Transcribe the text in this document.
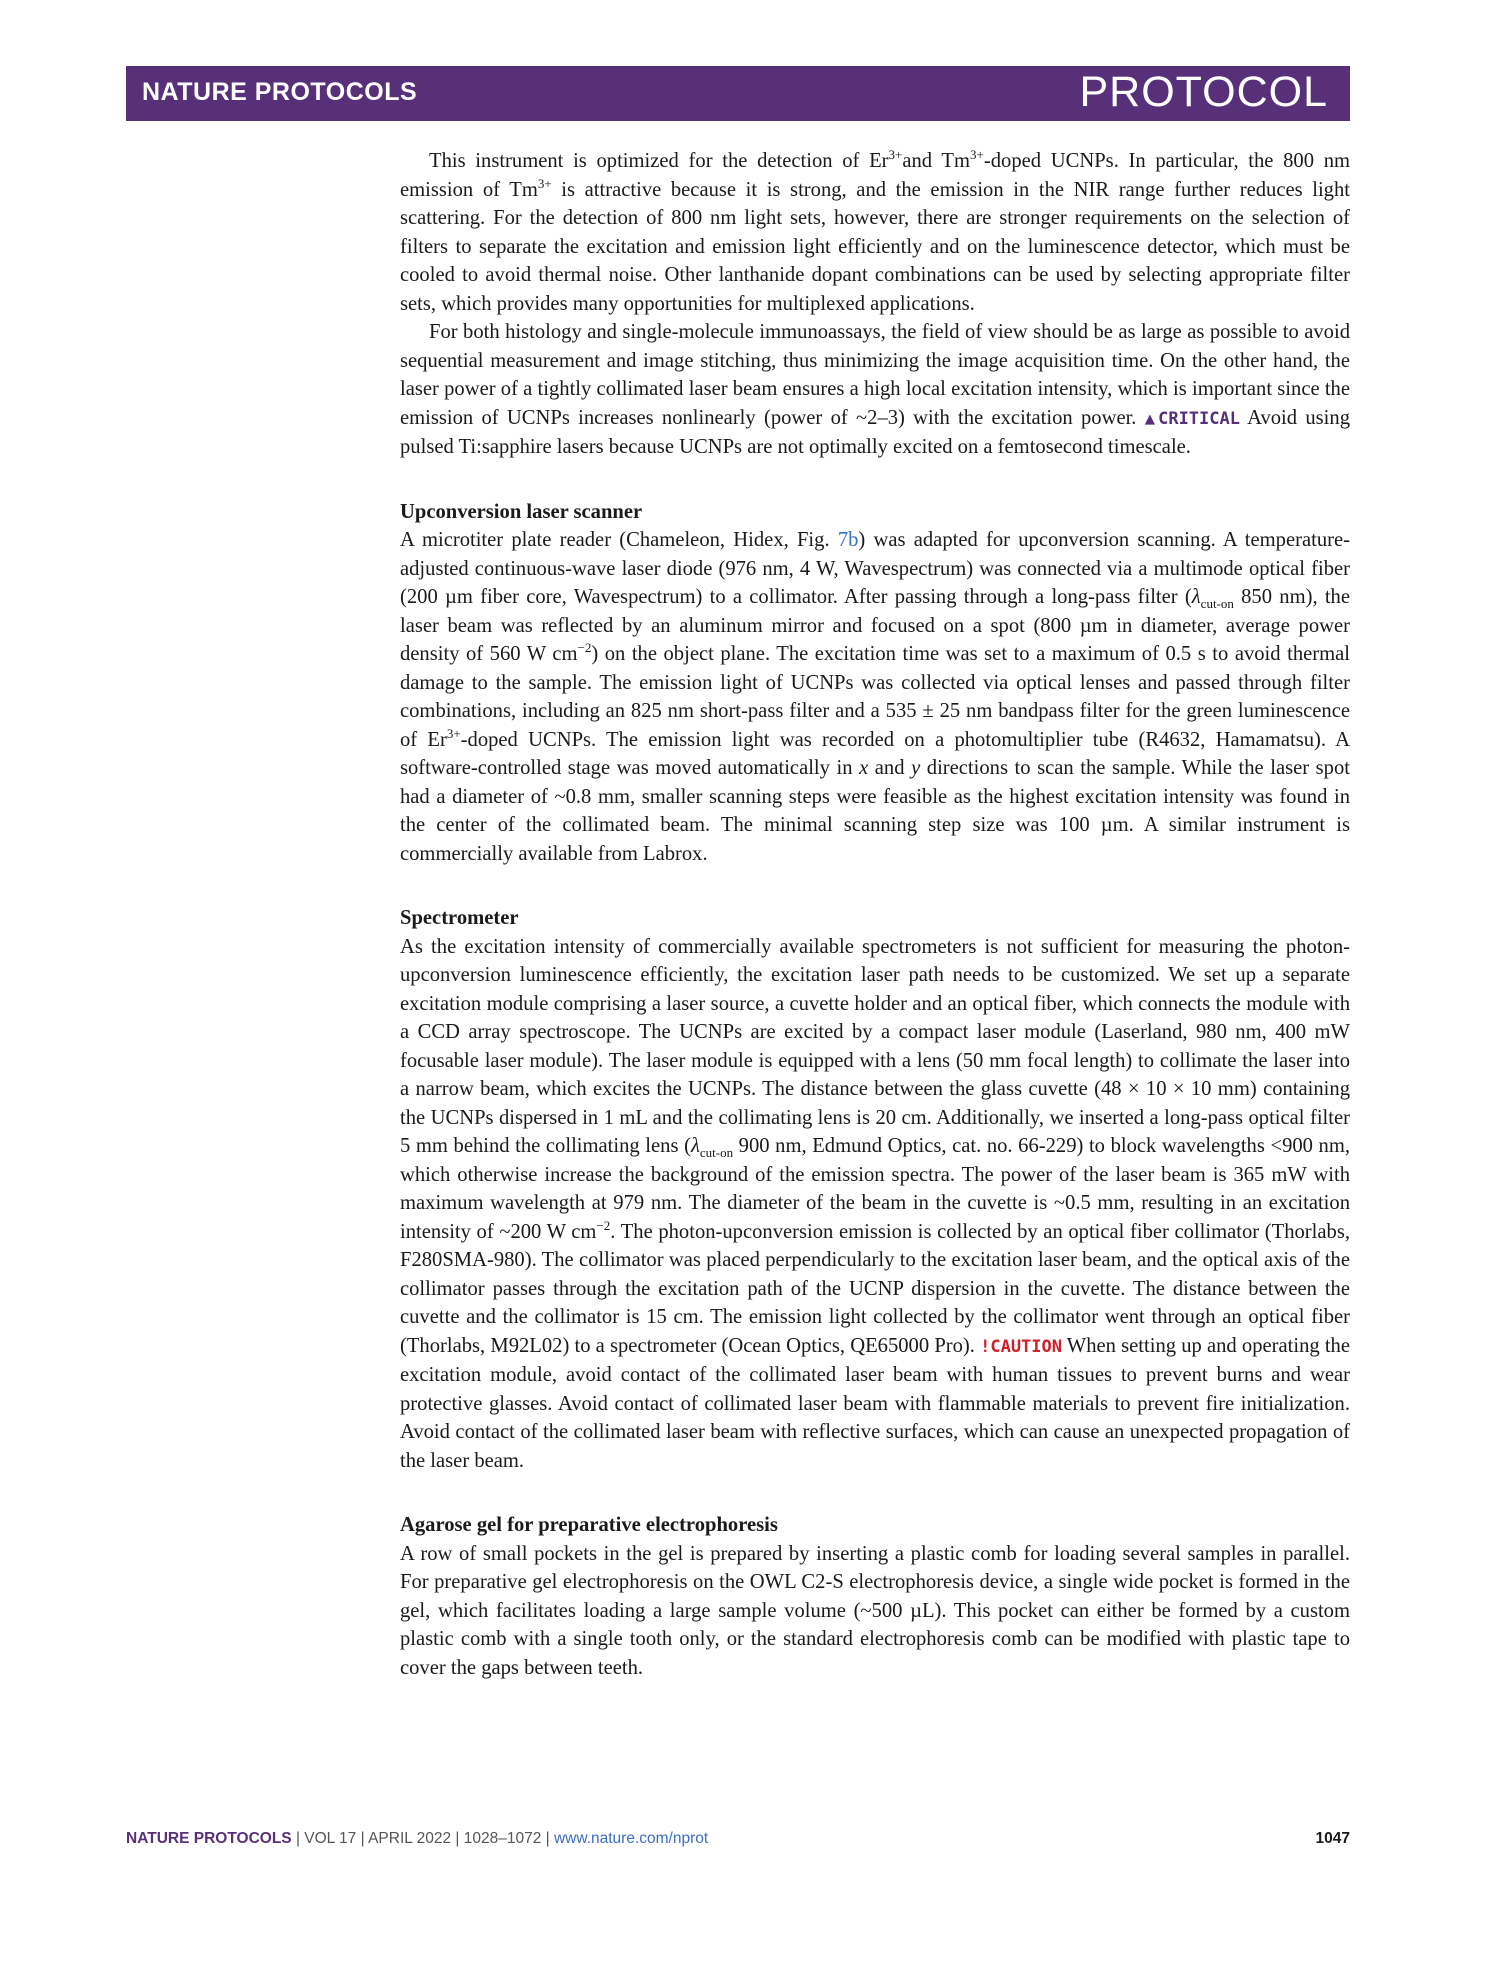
NATURE PROTOCOLS	PROTOCOL

This instrument is optimized for the detection of $Er^{3+}and$ $Tm^{3+}$-doped UCNPs. In particular, the 800 nm emission of $Tm^{3+}$ is attractive because it is strong, and the emission in the NIR range further reduces light scattering. For the detection of 800 nm light sets, however, there are stronger requirements on the selection of filters to separate the excitation and emission light efficiently and on the luminescence detector, which must be cooled to avoid thermal noise. Other lanthanide dopant combinations can be used by selecting appropriate filter sets, which provides many opportunities for multiplexed applications.

For both histology and single-molecule immunoassays, the field of view should be as large as possible to avoid sequential measurement and image stitching, thus minimizing the image acquisition time. On the other hand, the laser power of a tightly collimated laser beam ensures a high local excitation intensity, which is important since the emission of UCNPs increases nonlinearly (power of ~2–3) with the excitation power. ▲CRITICAL Avoid using pulsed Ti:sapphire lasers because UCNPs are not optimally excited on a femtosecond timescale.

Upconversion laser scanner

A microtiter plate reader (Chameleon, Hidex, Fig. 7b) was adapted for upconversion scanning. A temperature-adjusted continuous-wave laser diode (976 nm, 4 W, Wavespectrum) was connected via a multimode optical fiber (200 µm fiber core, Wavespectrum) to a collimator. After passing through a long-pass filter ($\lambda_{cut-on}$ 850 nm), the laser beam was reflected by an aluminum mirror and focused on a spot (800 µm in diameter, average power density of 560 W $cm^{-2}$) on the object plane. The excitation time was set to a maximum of 0.5 s to avoid thermal damage to the sample. The emission light of UCNPs was collected via optical lenses and passed through filter combinations, including an 825 nm short-pass filter and a 535 ± 25 nm bandpass filter for the green luminescence of $Er^{3+}$-doped UCNPs. The emission light was recorded on a photomultiplier tube (R4632, Hamamatsu). A software-controlled stage was moved automatically in x and y directions to scan the sample. While the laser spot had a diameter of ~0.8 mm, smaller scanning steps were feasible as the highest excitation intensity was found in the center of the collimated beam. The minimal scanning step size was 100 µm. A similar instrument is commercially available from Labrox.

Spectrometer

As the excitation intensity of commercially available spectrometers is not sufficient for measuring the photon-upconversion luminescence efficiently, the excitation laser path needs to be customized. We set up a separate excitation module comprising a laser source, a cuvette holder and an optical fiber, which connects the module with a CCD array spectroscope. The UCNPs are excited by a compact laser module (Laserland, 980 nm, 400 mW focusable laser module). The laser module is equipped with a lens (50 mm focal length) to collimate the laser into a narrow beam, which excites the UCNPs. The distance between the glass cuvette (48 × 10 × 10 mm) containing the UCNPs dispersed in 1 mL and the collimating lens is 20 cm. Additionally, we inserted a long-pass optical filter 5 mm behind the collimating lens ($\lambda_{cut-on}$ 900 nm, Edmund Optics, cat. no. 66-229) to block wavelengths <900 nm, which otherwise increase the background of the emission spectra. The power of the laser beam is 365 mW with maximum wavelength at 979 nm. The diameter of the beam in the cuvette is ~0.5 mm, resulting in an excitation intensity of ~200 W $cm^{-2}$. The photon-upconversion emission is collected by an optical fiber collimator (Thorlabs, F280SMA-980). The collimator was placed perpendicularly to the excitation laser beam, and the optical axis of the collimator passes through the excitation path of the UCNP dispersion in the cuvette. The distance between the cuvette and the collimator is 15 cm. The emission light collected by the collimator went through an optical fiber (Thorlabs, M92L02) to a spectrometer (Ocean Optics, QE65000 Pro). !CAUTION When setting up and operating the excitation module, avoid contact of the collimated laser beam with human tissues to prevent burns and wear protective glasses. Avoid contact of collimated laser beam with flammable materials to prevent fire initialization. Avoid contact of the collimated laser beam with reflective surfaces, which can cause an unexpected propagation of the laser beam.

Agarose gel for preparative electrophoresis

A row of small pockets in the gel is prepared by inserting a plastic comb for loading several samples in parallel. For preparative gel electrophoresis on the OWL C2-S electrophoresis device, a single wide pocket is formed in the gel, which facilitates loading a large sample volume (~500 µL). This pocket can either be formed by a custom plastic comb with a single tooth only, or the standard electrophoresis comb can be modified with plastic tape to cover the gaps between teeth.

NATURE PROTOCOLS | VOL 17 | APRIL 2022 | 1028–1072 | www.nature.com/nprot	1047
